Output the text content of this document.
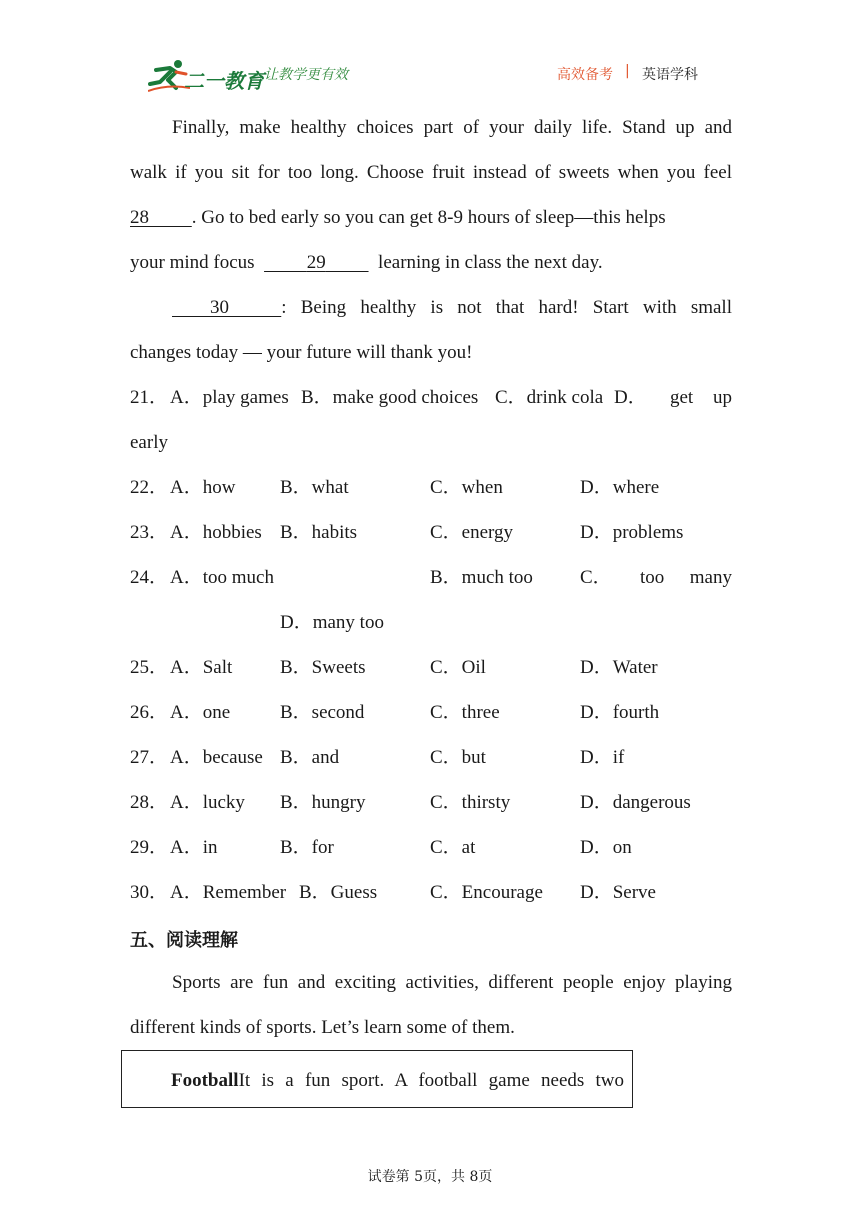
二一教育 让教学更有效	高效备考 | 英语学科
Finally, make healthy choices part of your daily life. Stand up and
walk if you sit for too long. Choose fruit instead of sweets when you feel
28 . Go to bed early so you can get 8-9 hours of sleep—this helps
your mind focus	29	learning in class the next day.
30	: Being healthy is not that hard! Start with small
changes today — your future will thank you!
21． A．play games B．make good choices C．drink cola D． get up
early
22． A．how B．what	C．when	D．where
23． A．hobbies B．habits	C．energy	D．problems
24． A．too much	B．much too C． too many
D．many too
25． A．Salt	B．Sweets	C．Oil	D．Water
26． A．one	B．second	C．three	D．fourth
27． A．because B．and	C．but	D．if
28． A．lucky B．hungry	C．thirsty	D．dangerous
29． A．in	B．for	C．at	D．on
30． A．Remember B．Guess	C．Encourage D．Serve
五、阅读理解
Sports are fun and exciting activities, different people enjoy playing
different kinds of sports. Let’s learn some of them.
FootballIt is a fun sport. A football game needs two
试卷第 5页，共 8页
